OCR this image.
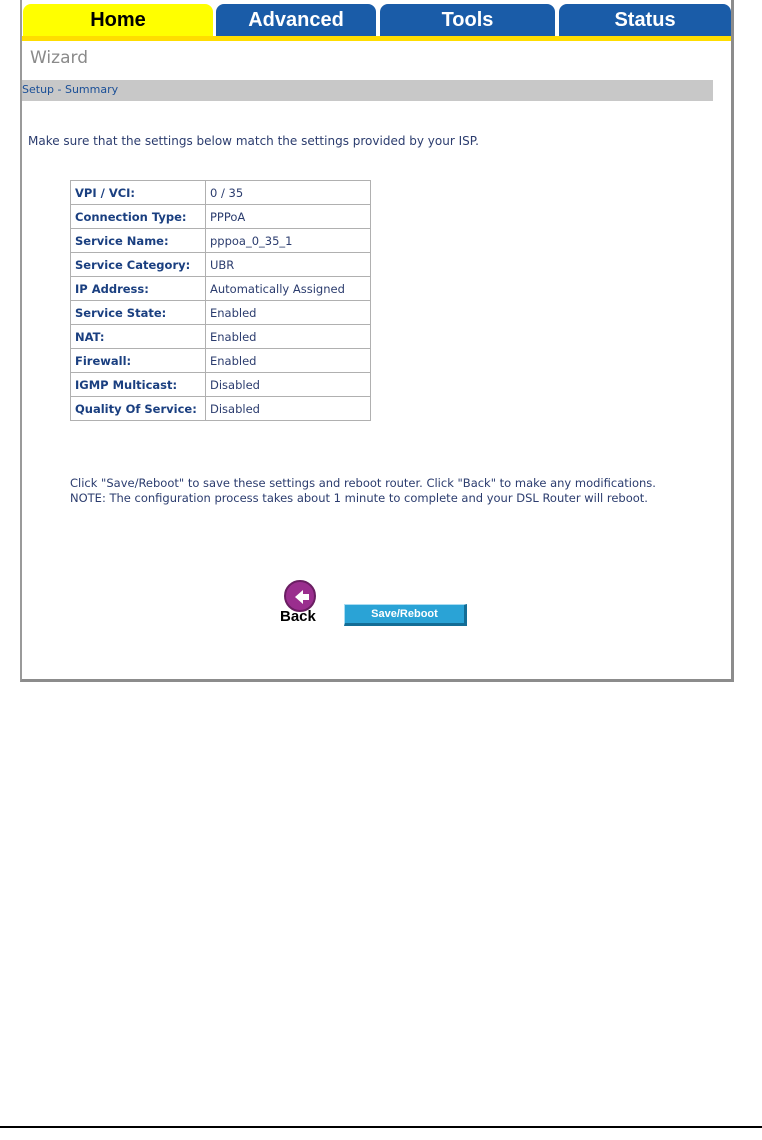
Home	Advanced	Tools	Status
Wizard
Setup - Summary
Make sure that the settings below match the settings provided by your ISP.
VPI / VCI:	0 / 35
Connection Type:	PPPoA
Service Name:	pppoa_0_35_1
Service Category:	UBR
IP Address:	Automatically Assigned
Service State:	Enabled
NAT:	Enabled
Firewall:	Enabled
IGMP Multicast:	Disabled
Quality Of Service:	Disabled
Click "Save/Reboot" to save these settings and reboot router. Click "Back" to make any modifications.
NOTE: The configuration process takes about 1 minute to complete and your DSL Router will reboot.
Back	Save/Reboot
